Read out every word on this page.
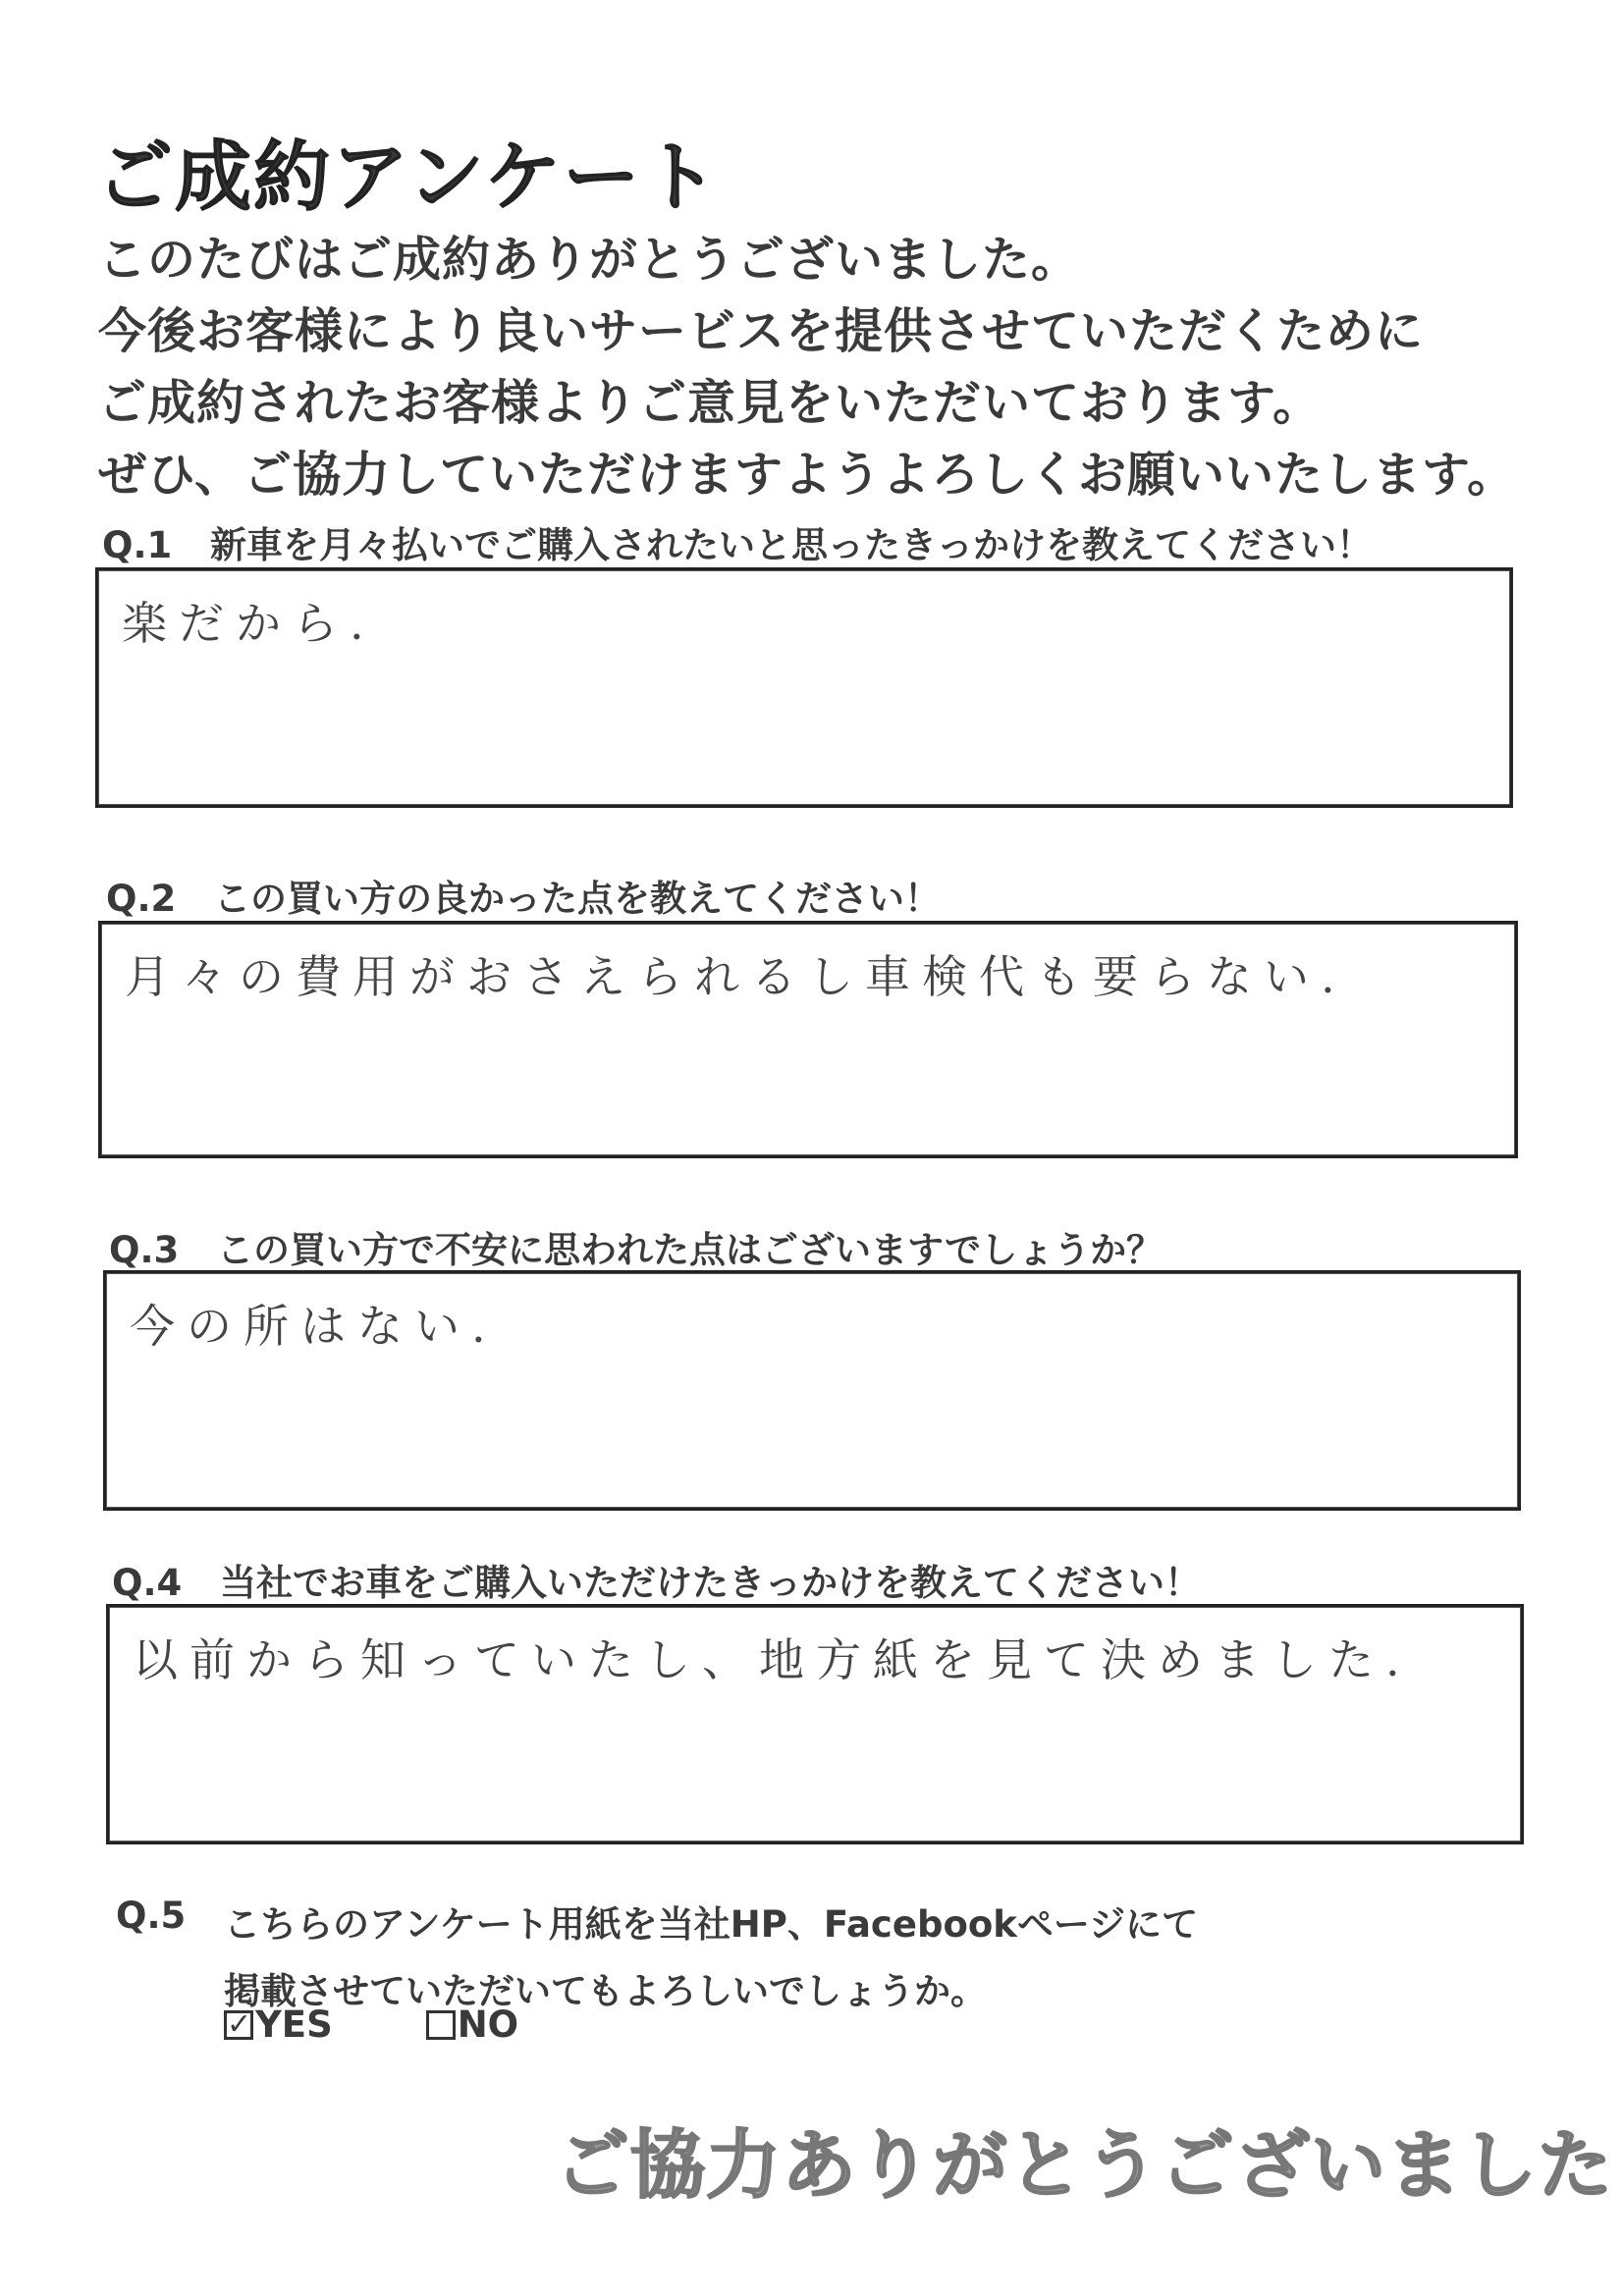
ご成約アンケート
このたびはご成約ありがとうございました。
今後お客様により良いサービスを提供させていただくために
ご成約されたお客様よりご意見をいただいております。
ぜひ、ご協力していただけますようよろしくお願いいたします。
Q.1 新車を月々払いでご購入されたいと思ったきっかけを教えてください！
楽だから.
Q.2 この買い方の良かった点を教えてください！
月々の費用がおさえられるし車検代も要らない.
Q.3 この買い方で不安に思われた点はございますでしょうか？
今の所はない.
Q.4 当社でお車をご購入いただけたきっかけを教えてください！
以前から知っていたし、地方紙を見て決めました.
Q.5	こちらのアンケート用紙を当社HP、Facebookページにて
掲載させていただいてもよろしいでしょうか。
✓ YES	NO
ご協力ありがとうございました
